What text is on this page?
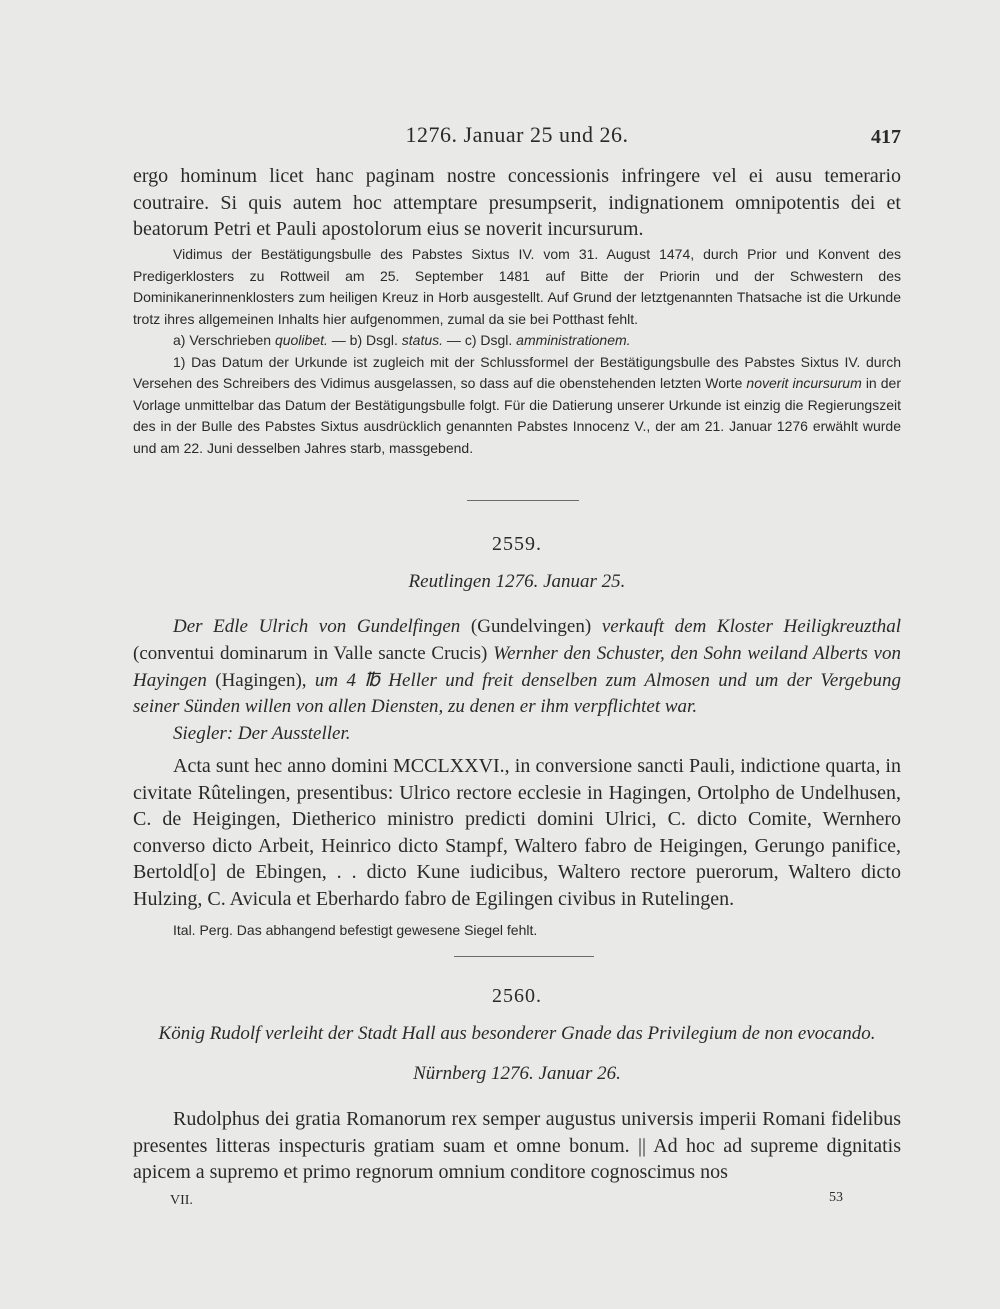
1276. Januar 25 und 26.	417

ergo hominum licet hanc paginam nostre concessionis infringere vel ei ausu temerario coutraire. Si quis autem hoc attemptare presumpserit, indignationem omnipotentis dei et beatorum Petri et Pauli apostolorum eius se noverit incursurum.

Vidimus der Bestätigungsbulle des Pabstes Sixtus IV. vom 31. August 1474, durch Prior und Konvent des Predigerklosters zu Rottweil am 25. September 1481 auf Bitte der Priorin und der Schwestern des Dominikanerinnenklosters zum heiligen Kreuz in Horb ausgestellt. Auf Grund der letztgenannten Thatsache ist die Urkunde trotz ihres allgemeinen Inhalts hier aufgenommen, zumal da sie bei Potthast fehlt.

a) Verschrieben quolibet. — b) Dsgl. status. — c) Dsgl. amministrationem.

1) Das Datum der Urkunde ist zugleich mit der Schlussformel der Bestätigungsbulle des Pabstes Sixtus IV. durch Versehen des Schreibers des Vidimus ausgelassen, so dass auf die obenstehenden letzten Worte noverit incursurum in der Vorlage unmittelbar das Datum der Bestätigungsbulle folgt. Für die Datierung unserer Urkunde ist einzig die Regierungszeit des in der Bulle des Pabstes Sixtus ausdrücklich genannten Pabstes Innocenz V., der am 21. Januar 1276 erwählt wurde und am 22. Juni desselben Jahres starb, massgebend.

2559.
Reutlingen 1276. Januar 25.

Der Edle Ulrich von Gundelfingen (Gundelvingen) verkauft dem Kloster Heiligkreuzthal (conventui dominarum in Valle sancte Crucis) Wernher den Schuster, den Sohn weiland Alberts von Hayingen (Hagingen), um 4 ℔ Heller und freit denselben zum Almosen und um der Vergebung seiner Sünden willen von allen Diensten, zu denen er ihm verpflichtet war.

Siegler: Der Aussteller.

Acta sunt hec anno domini MCCLXXVI., in conversione sancti Pauli, indictione quarta, in civitate Rûtelingen, presentibus: Ulrico rectore ecclesie in Hagingen, Ortolpho de Undelhusen, C. de Heigingen, Dietherico ministro predicti domini Ulrici, C. dicto Comite, Wernhero converso dicto Arbeit, Heinrico dicto Stampf, Waltero fabro de Heigingen, Gerungo panifice, Bertold[o] de Ebingen, . . dicto Kune iudicibus, Waltero rectore puerorum, Waltero dicto Hulzing, C. Avicula et Eberhardo fabro de Egilingen civibus in Rutelingen.

Ital. Perg. Das abhangend befestigt gewesene Siegel fehlt.

2560.
König Rudolf verleiht der Stadt Hall aus besonderer Gnade das Privilegium de non evocando.
Nürnberg 1276. Januar 26.

Rudolphus dei gratia Romanorum rex semper augustus universis imperii Romani fidelibus presentes litteras inspecturis gratiam suam et omne bonum. || Ad hoc ad supreme dignitatis apicem a supremo et primo regnorum omnium conditore cognoscimus nos

VII.	53
